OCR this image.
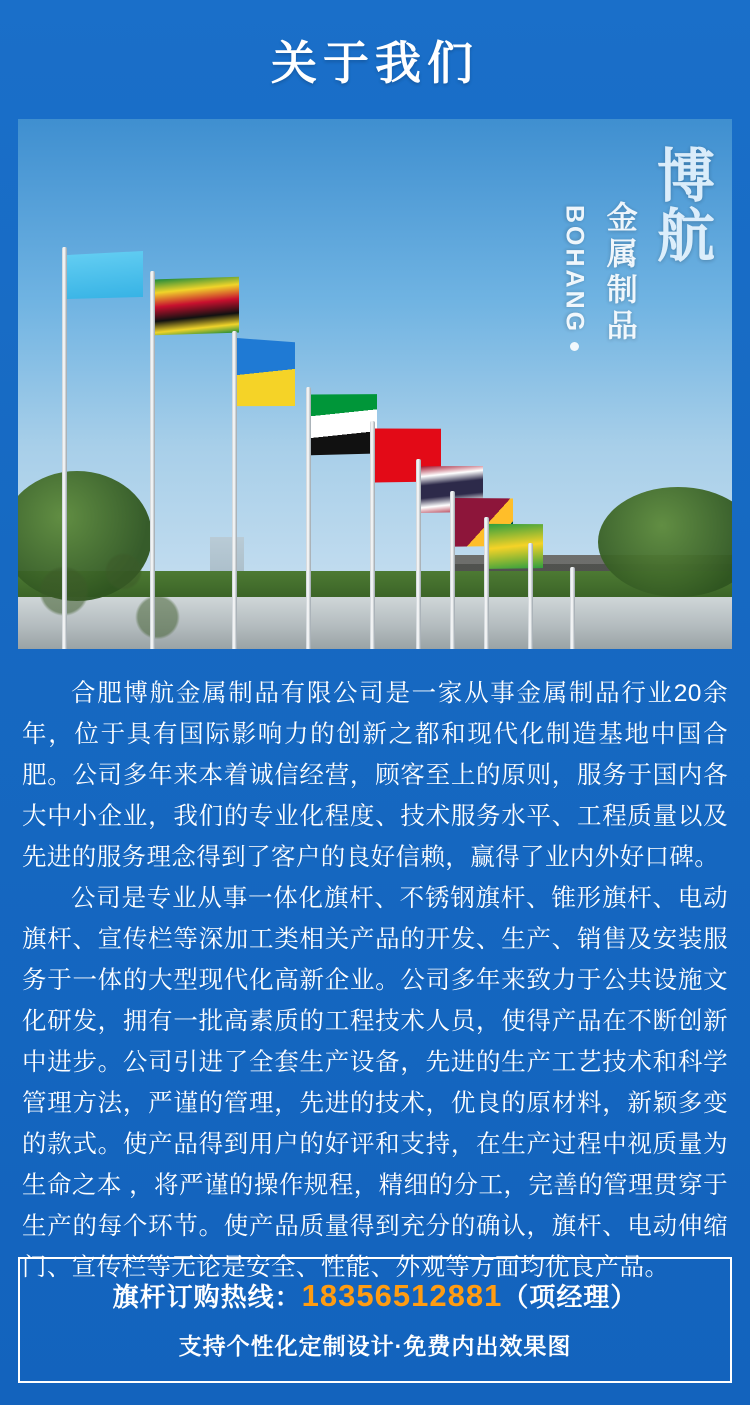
关于我们
博航
金属制品
BOHANG

合肥博航金属制品有限公司是一家从事金属制品行业20余年，位于具有国际影响力的创新之都和现代化制造基地中国合肥。公司多年来本着诚信经营，顾客至上的原则，服务于国内各大中小企业，我们的专业化程度、技术服务水平、工程质量以及先进的服务理念得到了客户的良好信赖，赢得了业内外好口碑。

公司是专业从事一体化旗杆、不锈钢旗杆、锥形旗杆、电动旗杆、宣传栏等深加工类相关产品的开发、生产、销售及安装服务于一体的大型现代化高新企业。公司多年来致力于公共设施文化研发，拥有一批高素质的工程技术人员，使得产品在不断创新中进步。公司引进了全套生产设备，先进的生产工艺技术和科学管理方法，严谨的管理，先进的技术，优良的原材料，新颖多变的款式。使产品得到用户的好评和支持，在生产过程中视质量为生命之本 ，将严谨的操作规程，精细的分工，完善的管理贯穿于生产的每个环节。使产品质量得到充分的确认，旗杆、电动伸缩门、宣传栏等无论是安全、性能、外观等方面均优良产品。

旗杆订购热线：18356512881（项经理）
支持个性化定制设计·免费内出效果图
